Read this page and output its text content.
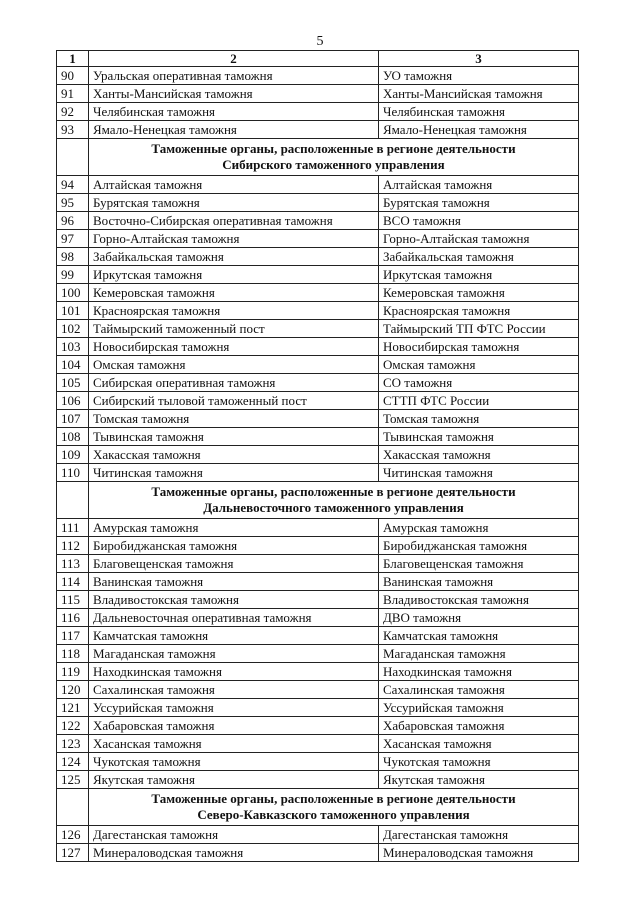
5
1	2	3
90	Уральская оперативная таможня	УО таможня
91	Ханты-Мансийская таможня	Ханты-Мансийская таможня
92	Челябинская таможня	Челябинская таможня
93	Ямало-Ненецкая таможня	Ямало-Ненецкая таможня

	Таможенные органы, расположенные в регионе деятельности
Сибирского таможенного управления	

94	Алтайская таможня	Алтайская таможня
95	Бурятская таможня	Бурятская таможня
96	Восточно-Сибирская оперативная таможня	ВСО таможня
97	Горно-Алтайская таможня	Горно-Алтайская таможня
98	Забайкальская таможня	Забайкальская таможня
99	Иркутская таможня	Иркутская таможня
100	Кемеровская таможня	Кемеровская таможня
101	Красноярская таможня	Красноярская таможня
102	Таймырский таможенный пост	Таймырский ТП ФТС России
103	Новосибирская таможня	Новосибирская таможня
104	Омская таможня	Омская таможня
105	Сибирская оперативная таможня	СО таможня
106	Сибирский тыловой таможенный пост	СТТП ФТС России
107	Томская таможня	Томская таможня
108	Тывинская таможня	Тывинская таможня
109	Хакасская таможня	Хакасская таможня
110	Читинская таможня	Читинская таможня

	Таможенные органы, расположенные в регионе деятельности
Дальневосточного таможенного управления	

111	Амурская таможня	Амурская таможня
112	Биробиджанская таможня	Биробиджанская таможня
113	Благовещенская таможня	Благовещенская таможня
114	Ванинская таможня	Ванинская таможня
115	Владивостокская таможня	Владивостокская таможня
116	Дальневосточная оперативная таможня	ДВО таможня
117	Камчатская таможня	Камчатская таможня
118	Магаданская таможня	Магаданская таможня
119	Находкинская таможня	Находкинская таможня
120	Сахалинская таможня	Сахалинская таможня
121	Уссурийская таможня	Уссурийская таможня
122	Хабаровская таможня	Хабаровская таможня
123	Хасанская таможня	Хасанская таможня
124	Чукотская таможня	Чукотская таможня
125	Якутская таможня	Якутская таможня

	Таможенные органы, расположенные в регионе деятельности
Северо-Кавказского таможенного управления	

126	Дагестанская таможня	Дагестанская таможня
127	Минераловодская таможня	Минераловодская таможня
